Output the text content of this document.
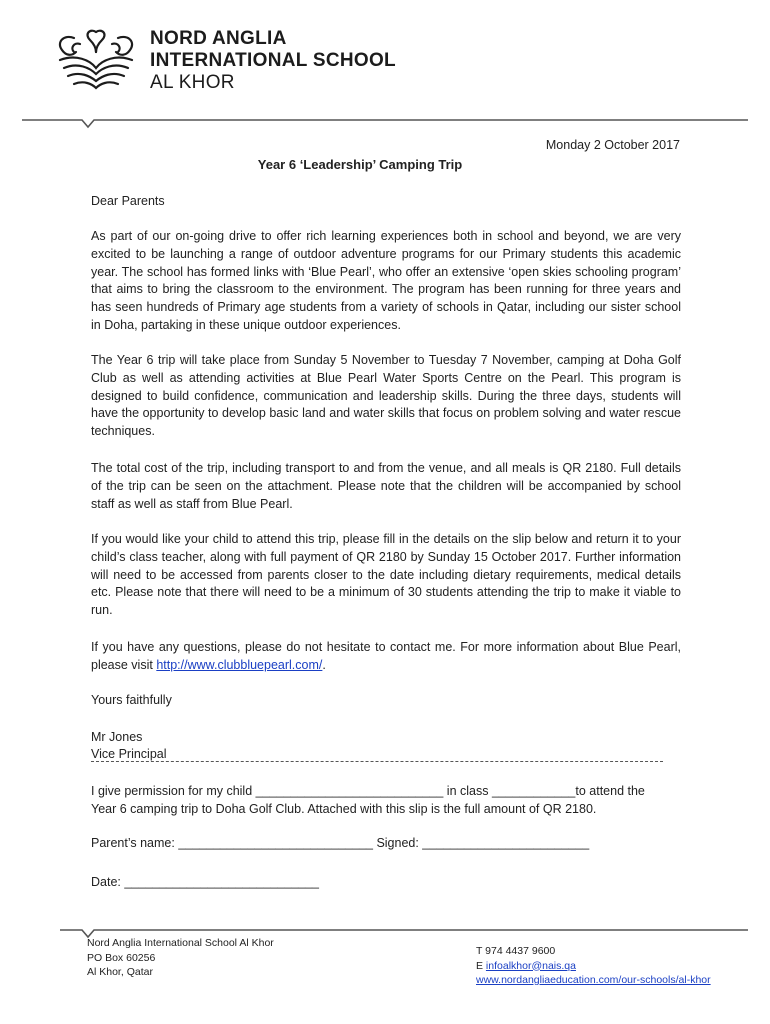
NORD ANGLIA
INTERNATIONAL SCHOOL
AL KHOR
Monday 2 October 2017
Year 6 ‘Leadership’ Camping Trip
Dear Parents

As part of our on-going drive to offer rich learning experiences both in school and beyond, we are very excited to be launching a range of outdoor adventure programs for our Primary students this academic year. The school has formed links with ‘Blue Pearl’, who offer an extensive ‘open skies schooling program’ that aims to bring the classroom to the environment. The program has been running for three years and has seen hundreds of Primary age students from a variety of schools in Qatar, including our sister school in Doha, partaking in these unique outdoor experiences.

The Year 6 trip will take place from Sunday 5 November to Tuesday 7 November, camping at Doha Golf Club as well as attending activities at Blue Pearl Water Sports Centre on the Pearl. This program is designed to build confidence, communication and leadership skills. During the three days, students will have the opportunity to develop basic land and water skills that focus on problem solving and water rescue techniques.

The total cost of the trip, including transport to and from the venue, and all meals is QR 2180. Full details of the trip can be seen on the attachment. Please note that the children will be accompanied by school staff as well as staff from Blue Pearl.

If you would like your child to attend this trip, please fill in the details on the slip below and return it to your child’s class teacher, along with full payment of QR 2180 by Sunday 15 October 2017. Further information will need to be accessed from parents closer to the date including dietary requirements, medical details etc. Please note that there will need to be a minimum of 30 students attending the trip to make it viable to run.

If you have any questions, please do not hesitate to contact me. For more information about Blue Pearl, please visit http://www.clubbluepearl.com/.

Yours faithfully
Mr Jones
Vice Principal
I give permission for my child ___________________________ in class ____________to attend the
Year 6 camping trip to Doha Golf Club. Attached with this slip is the full amount of QR 2180.
Parent’s name: ____________________________ Signed: ________________________
Date: ____________________________
Nord Anglia International School Al Khor
PO Box 60256
Al Khor, Qatar
T 974 4437 9600
E infoalkhor@nais.qa
www.nordangliaeducation.com/our-schools/al-khor
